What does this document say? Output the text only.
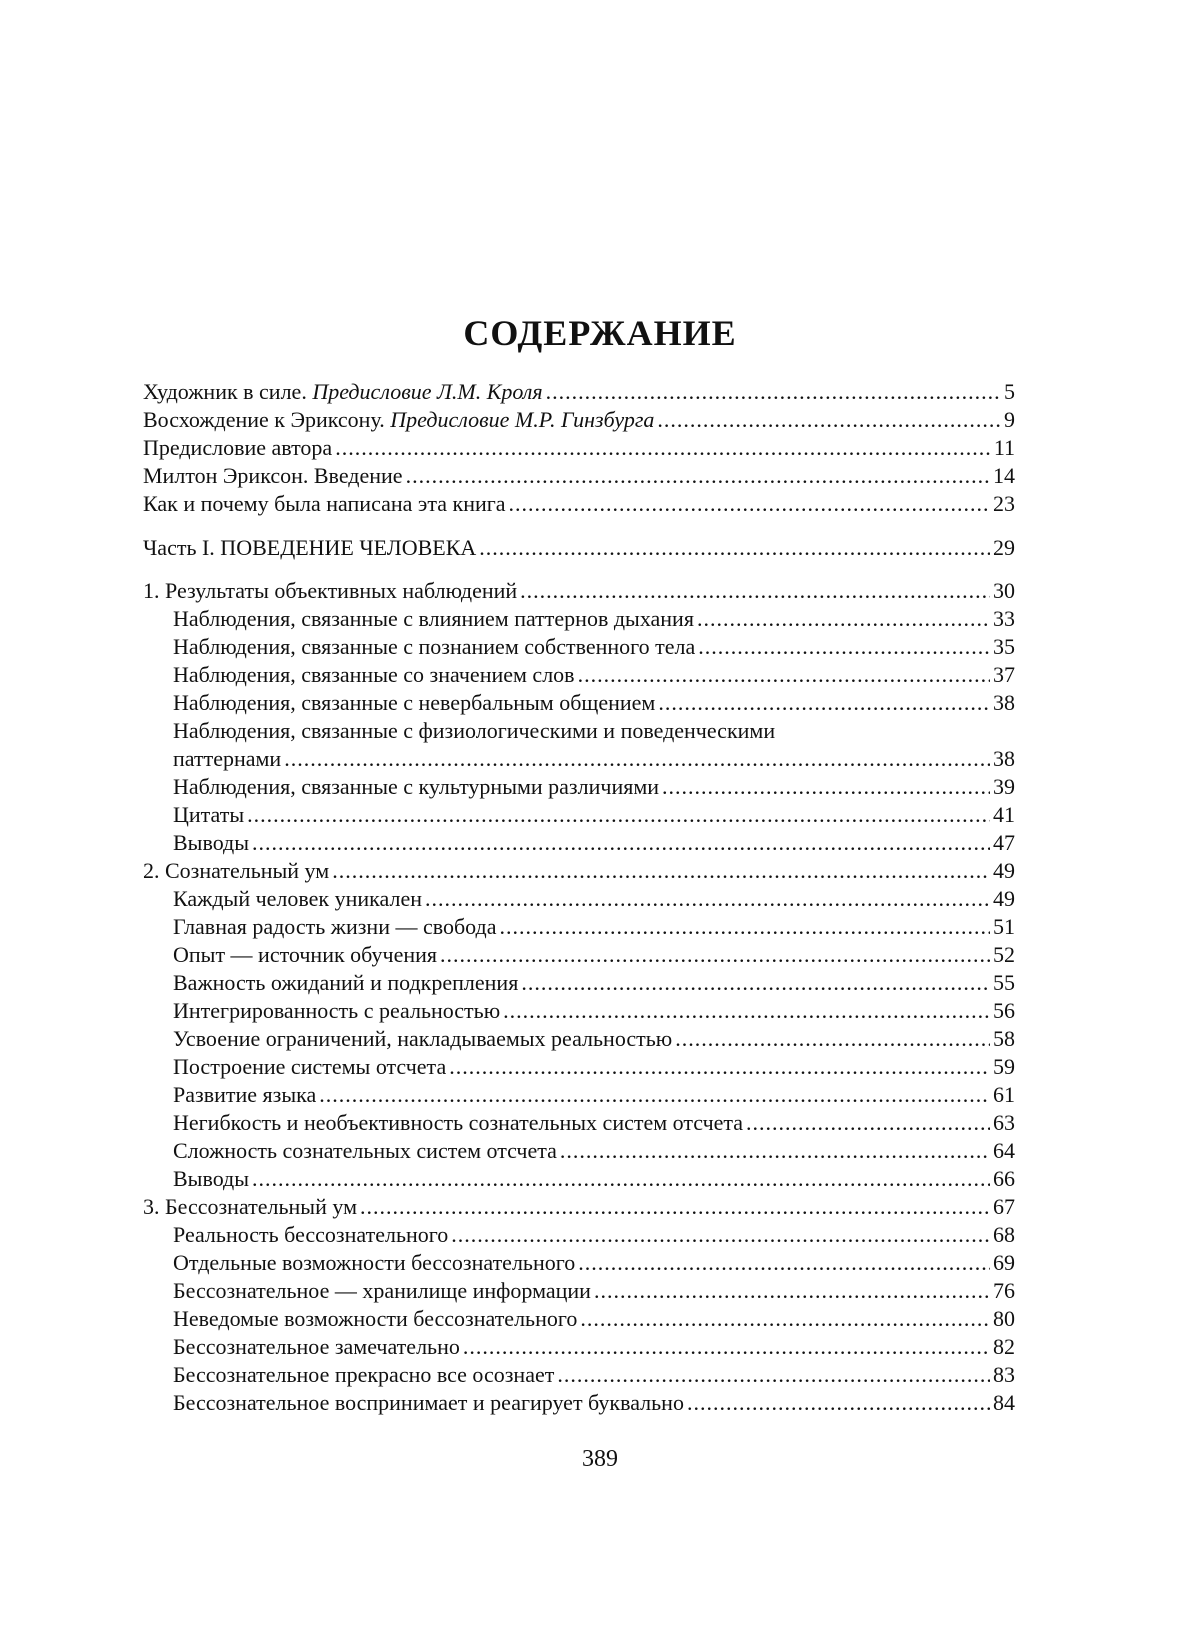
СОДЕРЖАНИЕ
Художник в силе. Предисловие Л.М. Кроля .....	5
Восхождение к Эриксону. Предисловие М.Р. Гинзбурга .....	9
Предисловие автора .....	11
Милтон Эриксон. Введение .....	14
Как и почему была написана эта книга .....	23
Часть I. ПОВЕДЕНИЕ ЧЕЛОВЕКА .....	29
1. Результаты объективных наблюдений .....	30
Наблюдения, связанные с влиянием паттернов дыхания .....	33
Наблюдения, связанные с познанием собственного тела .....	35
Наблюдения, связанные со значением слов .....	37
Наблюдения, связанные с невербальным общением .....	38
Наблюдения, связанные с физиологическими и поведенческими
паттернами .....	38
Наблюдения, связанные с культурными различиями .....	39
Цитаты .....	41
Выводы .....	47
2. Сознательный ум .....	49
Каждый человек уникален .....	49
Главная радость жизни — свобода .....	51
Опыт — источник обучения .....	52
Важность ожиданий и подкрепления .....	55
Интегрированность с реальностью .....	56
Усвоение ограничений, накладываемых реальностью .....	58
Построение системы отсчета .....	59
Развитие языка .....	61
Негибкость и необъективность сознательных систем отсчета .....	63
Сложность сознательных систем отсчета .....	64
Выводы .....	66
3. Бессознательный ум .....	67
Реальность бессознательного .....	68
Отдельные возможности бессознательного .....	69
Бессознательное — хранилище информации .....	76
Неведомые возможности бессознательного .....	80
Бессознательное замечательно .....	82
Бессознательное прекрасно все осознает .....	83
Бессознательное воспринимает и реагирует буквально .....	84
389
